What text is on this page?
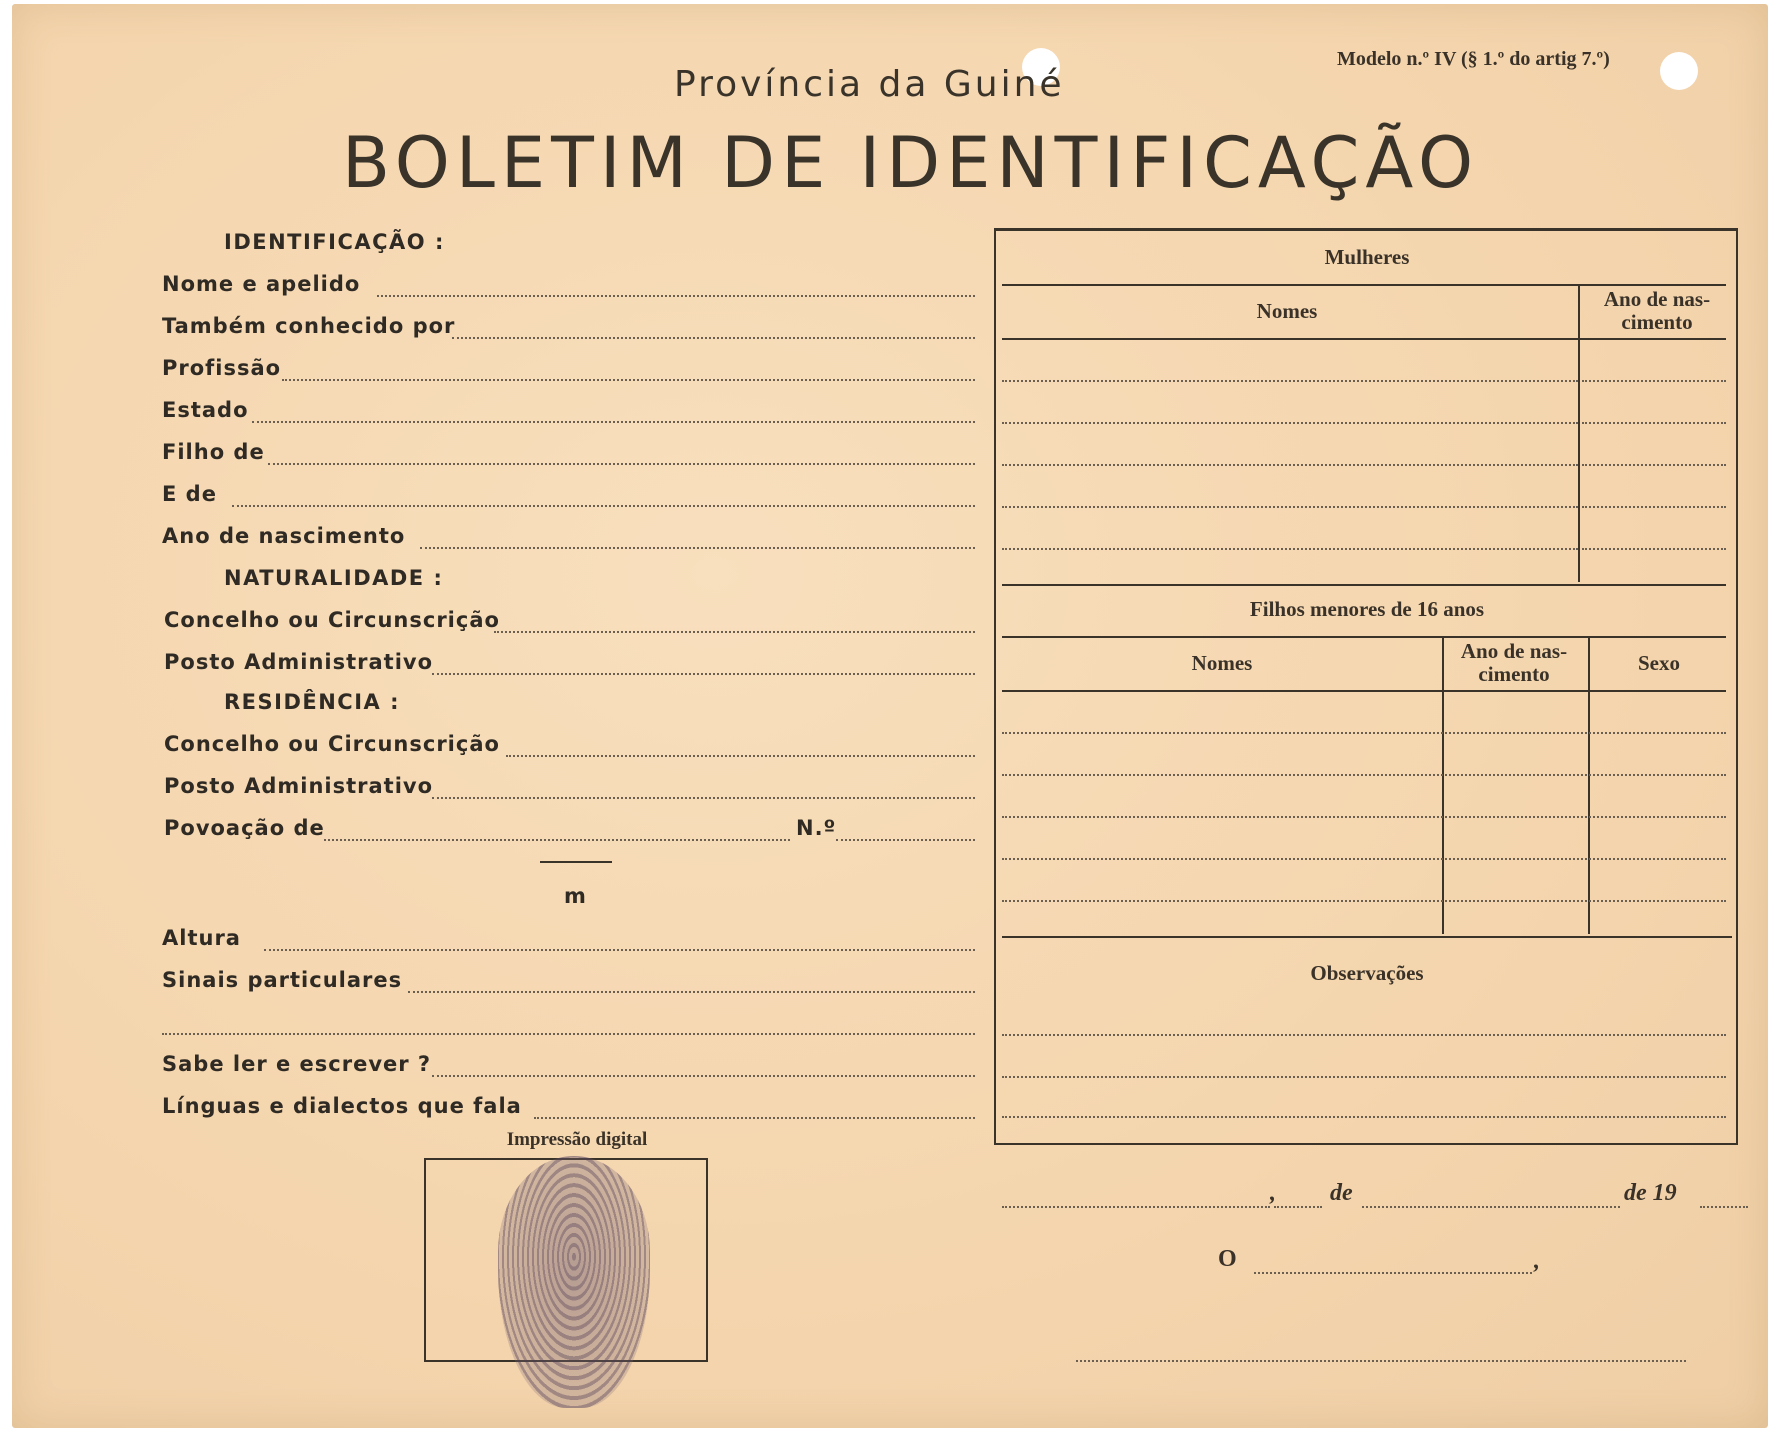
Província da Guiné
Modelo n.º IV (§ 1.º do artig 7.º)
BOLETIM DE IDENTIFICAÇÃO
IDENTIFICAÇÃO :
Nome e apelido
Também conhecido por
Profissão
Estado
Filho de
E de
Ano de nascimento
NATURALIDADE :
Concelho ou Circunscrição
Posto Administrativo
RESIDÊNCIA :
Concelho ou Circunscrição
Posto Administrativo
Povoação de	N.º
m
Altura
Sinais particulares
Sabe ler e escrever ?
Línguas e dialectos que fala
Impressão digital
Mulheres
Nomes	Ano de nas-
cimento
Filhos menores de 16 anos
Nomes	Ano de nas-
cimento	Sexo
Observações
, de	de 19
O	,
